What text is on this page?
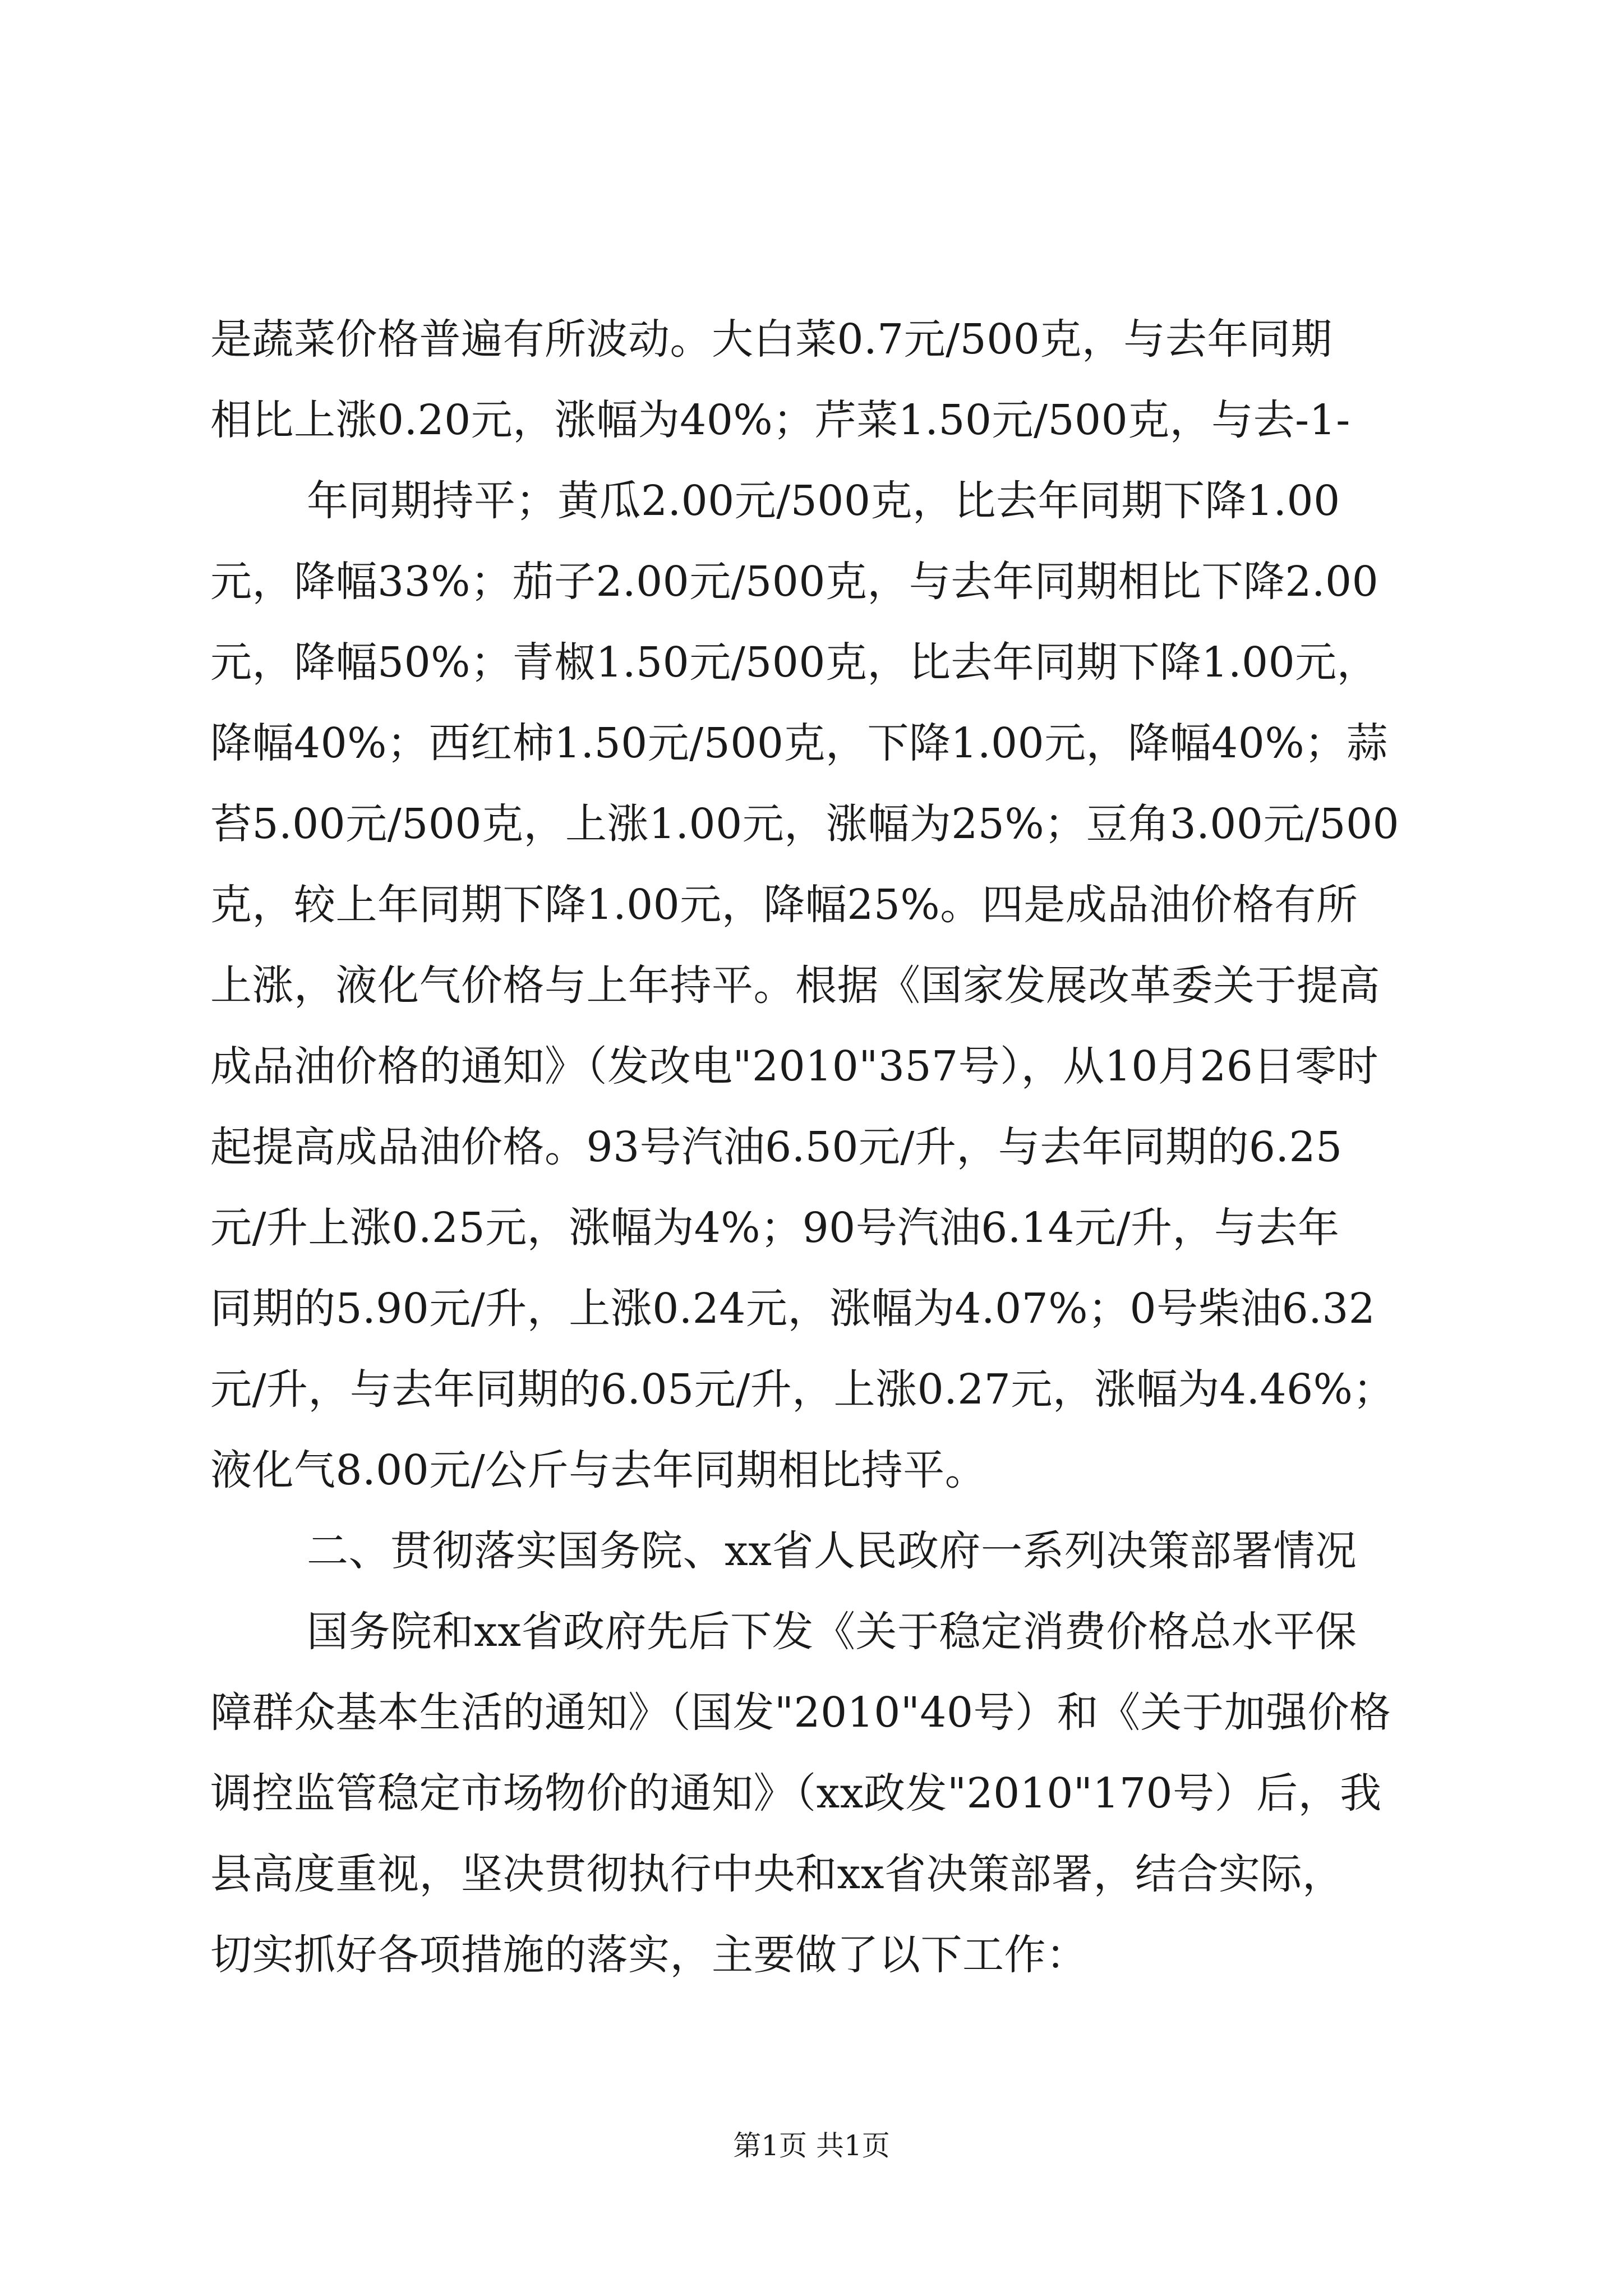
是蔬菜价格普遍有所波动。大白菜0.7元/500克，与去年同期
相比上涨0.20元，涨幅为40%；芹菜1.50元/500克，与去-1-
年同期持平；黄瓜2.00元/500克，比去年同期下降1.00
元，降幅33%；茄子2.00元/500克，与去年同期相比下降2.00
元，降幅50%；青椒1.50元/500克，比去年同期下降1.00元，
降幅40%；西红柿1.50元/500克，下降1.00元，降幅40%；蒜
苔5.00元/500克，上涨1.00元，涨幅为25%；豆角3.00元/500
克，较上年同期下降1.00元，降幅25%。四是成品油价格有所
上涨，液化气价格与上年持平。根据《国家发展改革委关于提高
成品油价格的通知》（发改电"2010"357号），从10月26日零时
起提高成品油价格。93号汽油6.50元/升，与去年同期的6.25
元/升上涨0.25元，涨幅为4%；90号汽油6.14元/升，与去年
同期的5.90元/升，上涨0.24元，涨幅为4.07%；0号柴油6.32
元/升，与去年同期的6.05元/升，上涨0.27元，涨幅为4.46%；
液化气8.00元/公斤与去年同期相比持平。
二、贯彻落实国务院、xx省人民政府一系列决策部署情况
国务院和xx省政府先后下发《关于稳定消费价格总水平保
障群众基本生活的通知》（国发"2010"40号）和《关于加强价格
调控监管稳定市场物价的通知》（xx政发"2010"170号）后，我
县高度重视，坚决贯彻执行中央和xx省决策部署，结合实际，
切实抓好各项措施的落实，主要做了以下工作：
第1页 共1页
